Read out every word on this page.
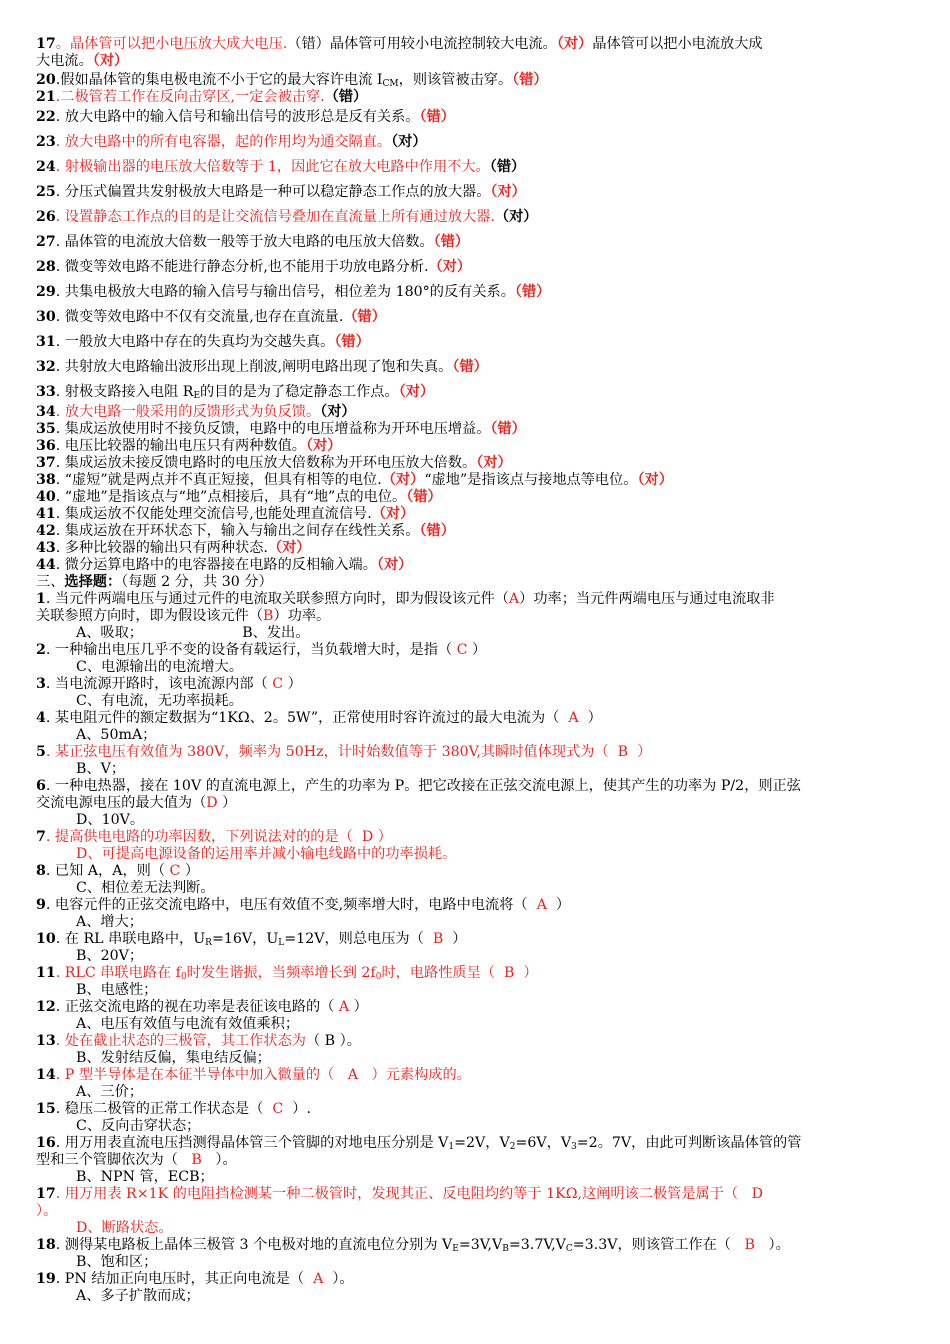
17。晶体管可以把小电压放大成大电压.（错）晶体管可用较小电流控制较大电流。（对）晶体管可以把小电流放大成
大电流。（对）
20.假如晶体管的集电极电流不小于它的最大容许电流 $I_{CM}$，则该管被击穿。（错）
21.二极管若工作在反向击穿区,一定会被击穿.（错）
22. 放大电路中的输入信号和输出信号的波形总是反有关系。（错）
23. 放大电路中的所有电容器，起的作用均为通交隔直。（对）
24. 射极输出器的电压放大倍数等于 1，因此它在放大电路中作用不大。（错）
25. 分压式偏置共发射极放大电路是一种可以稳定静态工作点的放大器。（对）
26. 设置静态工作点的目的是让交流信号叠加在直流量上所有通过放大器.（对）
27. 晶体管的电流放大倍数一般等于放大电路的电压放大倍数。（错）
28. 微变等效电路不能进行静态分析,也不能用于功放电路分析.（对）
29. 共集电极放大电路的输入信号与输出信号，相位差为 180°的反有关系。（错）
30. 微变等效电路中不仅有交流量,也存在直流量.（错）
31. 一般放大电路中存在的失真均为交越失真。（错）
32. 共射放大电路输出波形出现上削波,阐明电路出现了饱和失真。（错）
33. 射极支路接入电阻 $R_E$的目的是为了稳定静态工作点。（对）
34. 放大电路一般采用的反馈形式为负反馈。（对）
35. 集成运放使用时不接负反馈，电路中的电压增益称为开环电压增益。（错）
36. 电压比较器的输出电压只有两种数值。（对）
37. 集成运放未接反馈电路时的电压放大倍数称为开环电压放大倍数。（对）
38. “虚短”就是两点并不真正短接，但具有相等的电位.（对）“虚地”是指该点与接地点等电位。（对）
40. “虚地”是指该点与“地”点相接后，具有“地”点的电位。（错）
41. 集成运放不仅能处理交流信号,也能处理直流信号.（对）
42. 集成运放在开环状态下，输入与输出之间存在线性关系。（错）
43. 多种比较器的输出只有两种状态.（对）
44. 微分运算电路中的电容器接在电路的反相输入端。（对）
三、选择题：（每题 2 分，共 30 分）
1. 当元件两端电压与通过元件的电流取关联参照方向时，即为假设该元件（A）功率；当元件两端电压与通过电流取非
关联参照方向时，即为假设该元件（B）功率。
A、吸取；                      B、发出。
2. 一种输出电压几乎不变的设备有载运行，当负载增大时，是指（ C ）
C、电源输出的电流增大。
3. 当电流源开路时，该电流源内部（ C ）
C、有电流，无功率损耗。
4. 某电阻元件的额定数据为“1KΩ、2。5W”，正常使用时容许流过的最大电流为（  A  ）
A、50mA；
5. 某正弦电压有效值为 380V，频率为 50Hz，计时始数值等于 380V,其瞬时值体现式为（  B  ）
B、V；
6. 一种电热器，接在 10V 的直流电源上，产生的功率为 P。把它改接在正弦交流电源上，使其产生的功率为 P/2，则正弦
交流电源电压的最大值为（D ）
D、10V。
7. 提高供电电路的功率因数，下列说法对的的是（  D ）
D、可提高电源设备的运用率并减小输电线路中的功率损耗。
8. 已知 A，A，则（ C ）
C、相位差无法判断。
9. 电容元件的正弦交流电路中，电压有效值不变,频率增大时，电路中电流将（  A  ）
A、增大；
10. 在 RL 串联电路中，$U_R=16V$，$U_L=12V$，则总电压为（  B  ）
B、20V；
11. RLC 串联电路在 $f_0$时发生谐振，当频率增长到 $2f_0$时，电路性质呈（  B  ）
B、电感性；
12. 正弦交流电路的视在功率是表征该电路的（ A ）
A、电压有效值与电流有效值乘积；
13. 处在截止状态的三极管，其工作状态为（ B ）。
B、发射结反偏，集电结反偏；
14. P 型半导体是在本征半导体中加入微量的（   A   ）元素构成的。
A、三价；
15. 稳压二极管的正常工作状态是（  C  ）.
C、反向击穿状态；
16. 用万用表直流电压挡测得晶体管三个管脚的对地电压分别是 $V_1=2V$，$V_2=6V$，$V_3=2$。7V，由此可判断该晶体管的管
型和三个管脚依次为（   B   ）。
B、NPN 管，ECB；
17. 用万用表 R×1K 的电阻挡检测某一种二极管时，发现其正、反电阻均约等于 1KΩ,这阐明该二极管是属于（   D
）。
D、断路状态。
18. 测得某电路板上晶体三极管 3 个电极对地的直流电位分别为 $V_E=3V,V_B=3.7V,V_C=3.3V$，则该管工作在（   B   ）。
B、饱和区；
19. PN 结加正向电压时，其正向电流是（  A  ）。
A、多子扩散而成；
